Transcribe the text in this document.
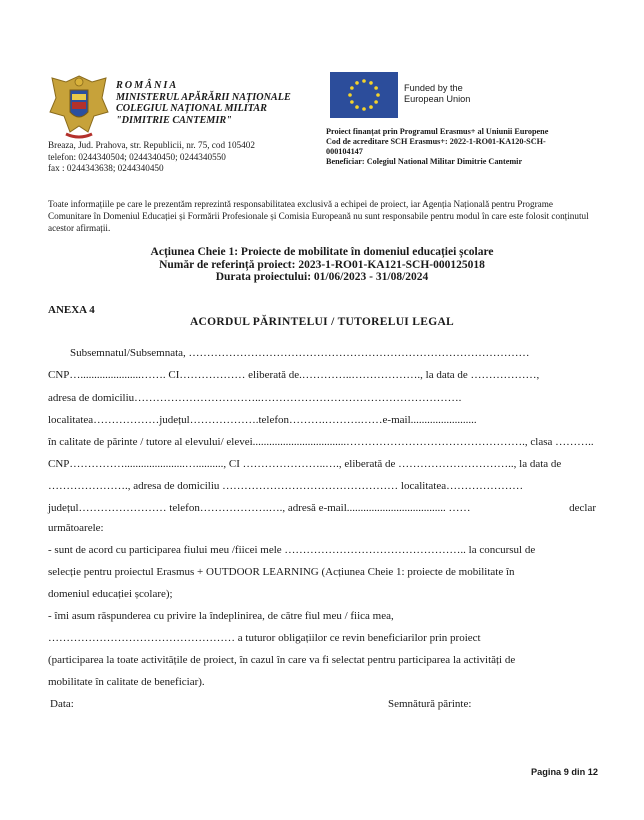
ROMÂNIA
MINISTERUL APĂRĂRII NAȚIONALE
COLEGIUL NAȚIONAL MILITAR
"DIMITRIE CANTEMIR"
Breaza, Jud. Prahova, str. Republicii, nr. 75, cod 105402
telefon: 0244340504; 0244340450; 0244340550
fax : 0244343638; 0244340450
Funded by the
European Union
Proiect finanțat prin Programul Erasmus+ al Uniunii Europene
Cod de acreditare SCH Erasmus+: 2022-1-RO01-KA120-SCH-
000104147
Beneficiar: Colegiul National Militar Dimitrie Cantemir
Toate informațiile pe care le prezentăm reprezintă responsabilitatea exclusivă a echipei de proiect, iar Agenția Națională pentru Programe Comunitare în Domeniul Educației și Formării Profesionale și Comisia Europeană nu sunt responsabile pentru modul în care este folosit conținutul acestor afirmații.
Acțiunea Cheie 1: Proiecte de mobilitate în domeniul educației școlare
Număr de referință proiect: 2023-1-RO01-KA121-SCH-000125018
Durata proiectului: 01/06/2023 - 31/08/2024
ANEXA 4
ACORDUL PĂRINTELUI / TUTORELUI LEGAL
Subsemnatul/Subsemnata, …………………………………………………………………………………
CNP…......................……. CI……………… eliberată de.…………..………………., la data de ………………,
adresa de domiciliu……………………………..……………………………………………….
localitatea………………județul……………….telefon……….……….……e-mail........................
în calitate de părinte / tutore al elevului/ elevei..................................…………………………………………., clasa ………..
CNP……………......................….........., CI …………………..…., eliberată de ………………………….., la data de
…………………., adresa de domiciliu ………………………………………… localitatea…………………
județul…………………… telefon……………….…., adresă e-mail.................................... ……	declar
următoarele:
- sunt de acord cu participarea fiului meu /fiicei mele ………………………………………….. la concursul de
selecție pentru proiectul Erasmus + OUTDOOR LEARNING (Acțiunea Cheie 1: proiecte de mobilitate în
domeniul educației școlare);
- îmi asum răspunderea cu privire la îndeplinirea, de către fiul meu / fiica mea,
…………………………………………… a tuturor obligațiilor ce revin beneficiarilor prin proiect
(participarea la toate activitățile de proiect, în cazul în care va fi selectat pentru participarea la activități de
mobilitate în calitate de beneficiar).
Data:	Semnătură părinte:
Pagina 9 din 12
